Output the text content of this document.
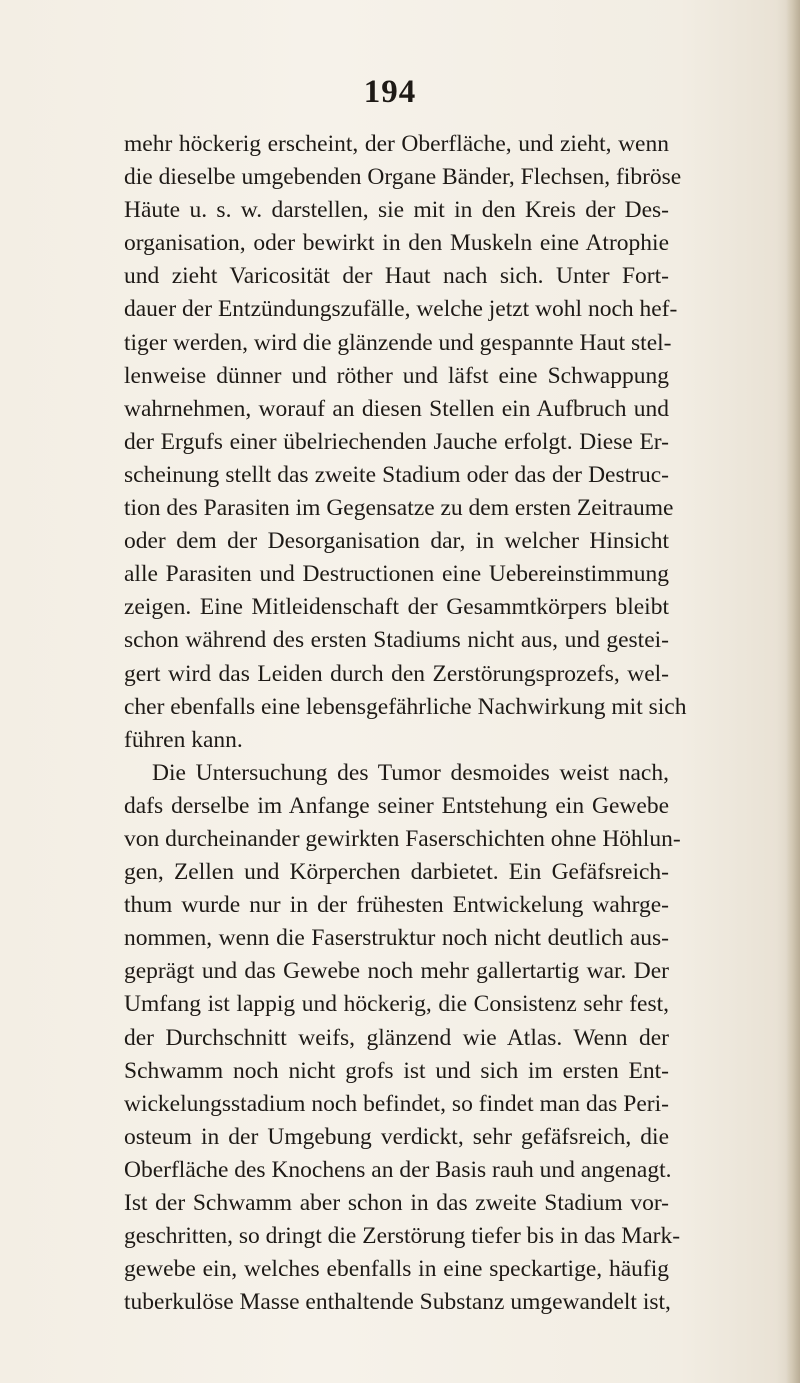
194
mehr höckerig erscheint, der Oberfläche, und zieht, wenn
die dieselbe umgebenden Organe Bänder, Flechsen, fibröse
Häute u. s. w. darstellen, sie mit in den Kreis der Des-
organisation, oder bewirkt in den Muskeln eine Atrophie
und zieht Varicosität der Haut nach sich. Unter Fort-
dauer der Entzündungszufälle, welche jetzt wohl noch hef-
tiger werden, wird die glänzende und gespannte Haut stel-
lenweise dünner und röther und läfst eine Schwappung
wahrnehmen, worauf an diesen Stellen ein Aufbruch und
der Ergufs einer übelriechenden Jauche erfolgt. Diese Er-
scheinung stellt das zweite Stadium oder das der Destruc-
tion des Parasiten im Gegensatze zu dem ersten Zeitraume
oder dem der Desorganisation dar, in welcher Hinsicht
alle Parasiten und Destructionen eine Uebereinstimmung
zeigen. Eine Mitleidenschaft der Gesammtkörpers bleibt
schon während des ersten Stadiums nicht aus, und gestei-
gert wird das Leiden durch den Zerstörungsprozefs, wel-
cher ebenfalls eine lebensgefährliche Nachwirkung mit sich
führen kann.
Die Untersuchung des Tumor desmoides weist nach,
dafs derselbe im Anfange seiner Entstehung ein Gewebe
von durcheinander gewirkten Faserschichten ohne Höhlun-
gen, Zellen und Körperchen darbietet. Ein Gefäfsreich-
thum wurde nur in der frühesten Entwickelung wahrge-
nommen, wenn die Faserstruktur noch nicht deutlich aus-
geprägt und das Gewebe noch mehr gallertartig war. Der
Umfang ist lappig und höckerig, die Consistenz sehr fest,
der Durchschnitt weifs, glänzend wie Atlas. Wenn der
Schwamm noch nicht grofs ist und sich im ersten Ent-
wickelungsstadium noch befindet, so findet man das Peri-
osteum in der Umgebung verdickt, sehr gefäfsreich, die
Oberfläche des Knochens an der Basis rauh und angenagt.
Ist der Schwamm aber schon in das zweite Stadium vor-
geschritten, so dringt die Zerstörung tiefer bis in das Mark-
gewebe ein, welches ebenfalls in eine speckartige, häufig
tuberkulöse Masse enthaltende Substanz umgewandelt ist,
